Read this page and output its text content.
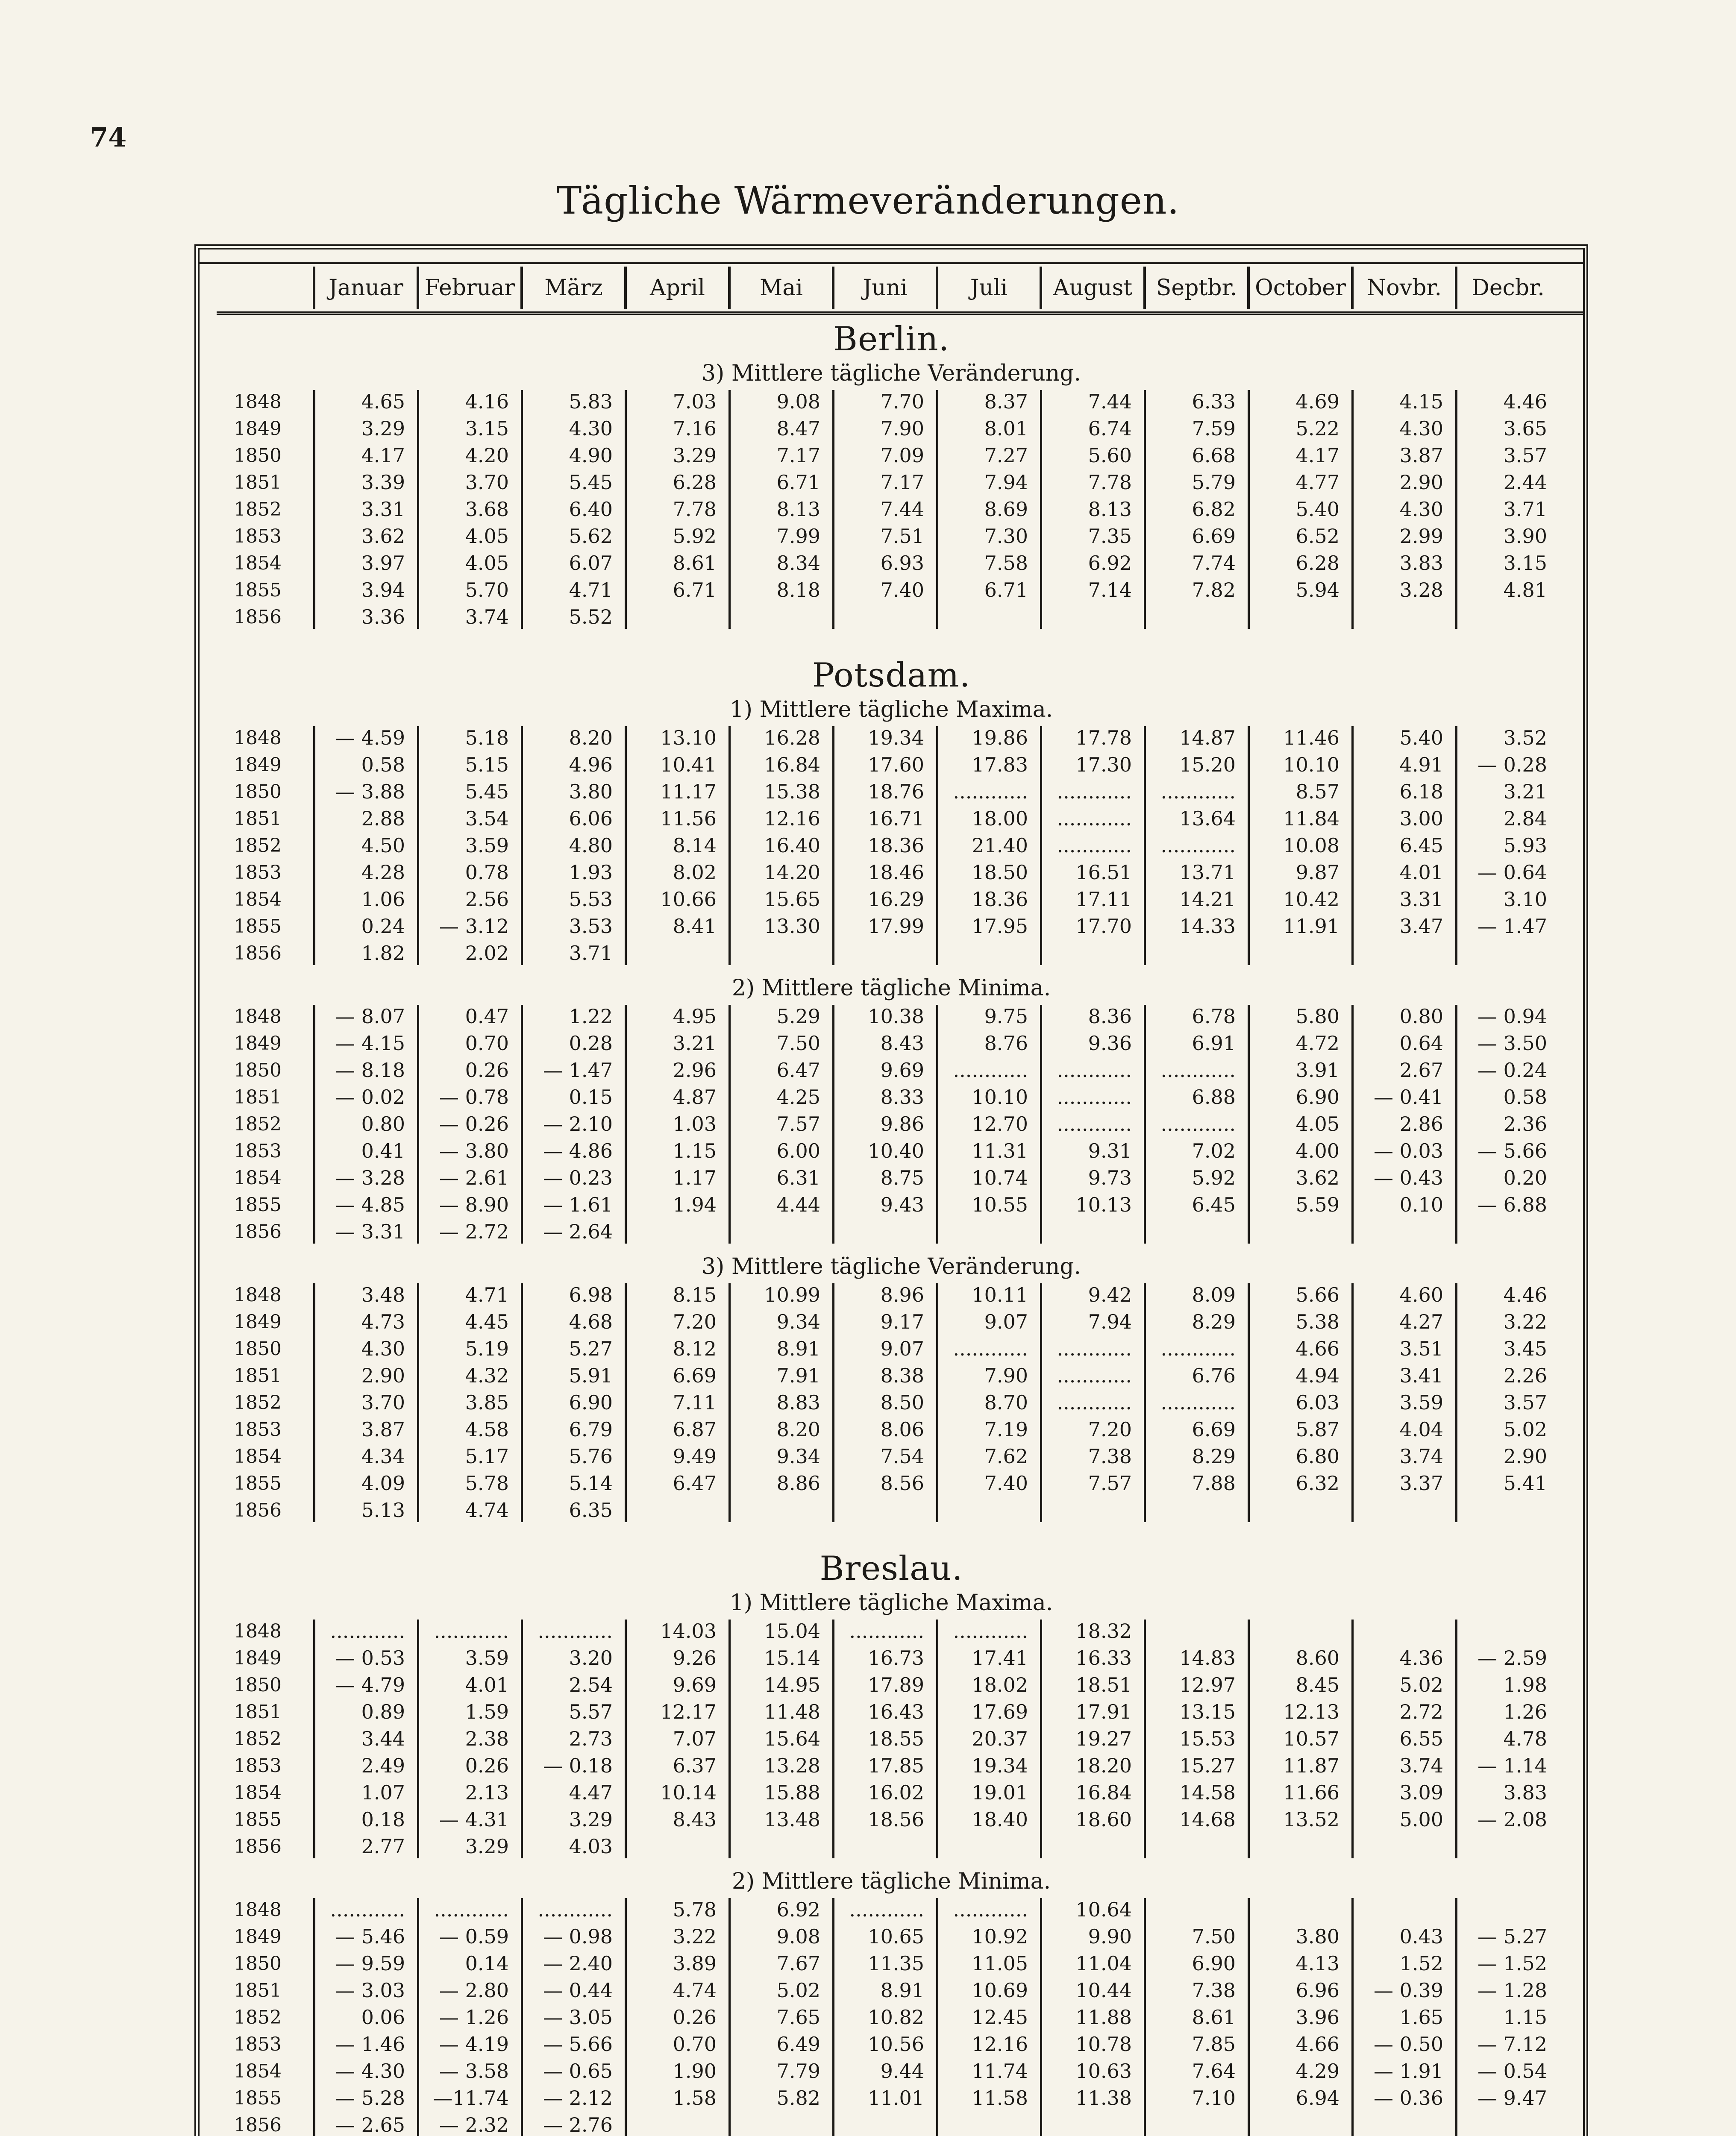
74
Tägliche Wärmeveränderungen.
Januar Februar	März	April	Mai	Juni	Juli	August	Septbr. October Novbr.	Decbr.
Berlin.
3) Mittlere tägliche Veränderung.
1848	4.65	4.16	5.83	7.03	9.08	7.70	8.37	7.44	6.33	4.69	4.15	4.46
1849	3.29	3.15	4.30	7.16	8.47	7.90	8.01	6.74	7.59	5.22	4.30	3.65
1850	4.17	4.20	4.90	3.29	7.17	7.09	7.27	5.60	6.68	4.17	3.87	3.57
1851	3.39	3.70	5.45	6.28	6.71	7.17	7.94	7.78	5.79	4.77	2.90	2.44
1852	3.31	3.68	6.40	7.78	8.13	7.44	8.69	8.13	6.82	5.40	4.30	3.71
1853	3.62	4.05	5.62	5.92	7.99	7.51	7.30	7.35	6.69	6.52	2.99	3.90
1854	3.97	4.05	6.07	8.61	8.34	6.93	7.58	6.92	7.74	6.28	3.83	3.15
1855	3.94	5.70	4.71	6.71	8.18	7.40	6.71	7.14	7.82	5.94	3.28	4.81
1856	3.36	3.74	5.52
Potsdam.
1) Mittlere tägliche Maxima.
1848	— 4.59	5.18	8.20	13.10	16.28	19.34	19.86	17.78	14.87	11.46	5.40	3.52
1849	0.58	5.15	4.96	10.41	16.84	17.60	17.83	17.30	15.20	10.10	4.91	— 0.28
1850	— 3.88	5.45	3.80	11.17	15.38	18.76	............	............	............	8.57	6.18	3.21
1851	2.88	3.54	6.06	11.56	12.16	16.71	18.00	............	13.64	11.84	3.00	2.84
1852	4.50	3.59	4.80	8.14	16.40	18.36	21.40	............	............	10.08	6.45	5.93
1853	4.28	0.78	1.93	8.02	14.20	18.46	18.50	16.51	13.71	9.87	4.01	— 0.64
1854	1.06	2.56	5.53	10.66	15.65	16.29	18.36	17.11	14.21	10.42	3.31	3.10
1855	0.24	— 3.12	3.53	8.41	13.30	17.99	17.95	17.70	14.33	11.91	3.47	— 1.47
1856	1.82	2.02	3.71
2) Mittlere tägliche Minima.
1848	— 8.07	0.47	1.22	4.95	5.29	10.38	9.75	8.36	6.78	5.80	0.80	— 0.94
1849	— 4.15	0.70	0.28	3.21	7.50	8.43	8.76	9.36	6.91	4.72	0.64	— 3.50
1850	— 8.18	0.26	— 1.47	2.96	6.47	9.69	............	............	............	3.91	2.67	— 0.24
1851	— 0.02	— 0.78	0.15	4.87	4.25	8.33	10.10	............	6.88	6.90	— 0.41	0.58
1852	0.80	— 0.26	— 2.10	1.03	7.57	9.86	12.70	............	............	4.05	2.86	2.36
1853	0.41	— 3.80	— 4.86	1.15	6.00	10.40	11.31	9.31	7.02	4.00	— 0.03	— 5.66
1854	— 3.28	— 2.61	— 0.23	1.17	6.31	8.75	10.74	9.73	5.92	3.62	— 0.43	0.20
1855	— 4.85	— 8.90	— 1.61	1.94	4.44	9.43	10.55	10.13	6.45	5.59	0.10	— 6.88
1856	— 3.31	— 2.72	— 2.64
3) Mittlere tägliche Veränderung.
1848	3.48	4.71	6.98	8.15	10.99	8.96	10.11	9.42	8.09	5.66	4.60	4.46
1849	4.73	4.45	4.68	7.20	9.34	9.17	9.07	7.94	8.29	5.38	4.27	3.22
1850	4.30	5.19	5.27	8.12	8.91	9.07	............	............	............	4.66	3.51	3.45
1851	2.90	4.32	5.91	6.69	7.91	8.38	7.90	............	6.76	4.94	3.41	2.26
1852	3.70	3.85	6.90	7.11	8.83	8.50	8.70	............	............	6.03	3.59	3.57
1853	3.87	4.58	6.79	6.87	8.20	8.06	7.19	7.20	6.69	5.87	4.04	5.02
1854	4.34	5.17	5.76	9.49	9.34	7.54	7.62	7.38	8.29	6.80	3.74	2.90
1855	4.09	5.78	5.14	6.47	8.86	8.56	7.40	7.57	7.88	6.32	3.37	5.41
1856	5.13	4.74	6.35
Breslau.
1) Mittlere tägliche Maxima.
1848	............	............	............	14.03	15.04	............	............	18.32
1849	— 0.53	3.59	3.20	9.26	15.14	16.73	17.41	16.33	14.83	8.60	4.36	— 2.59
1850	— 4.79	4.01	2.54	9.69	14.95	17.89	18.02	18.51	12.97	8.45	5.02	1.98
1851	0.89	1.59	5.57	12.17	11.48	16.43	17.69	17.91	13.15	12.13	2.72	1.26
1852	3.44	2.38	2.73	7.07	15.64	18.55	20.37	19.27	15.53	10.57	6.55	4.78
1853	2.49	0.26	— 0.18	6.37	13.28	17.85	19.34	18.20	15.27	11.87	3.74	— 1.14
1854	1.07	2.13	4.47	10.14	15.88	16.02	19.01	16.84	14.58	11.66	3.09	3.83
1855	0.18	— 4.31	3.29	8.43	13.48	18.56	18.40	18.60	14.68	13.52	5.00	— 2.08
1856	2.77	3.29	4.03
2) Mittlere tägliche Minima.
1848	............	............	............	5.78	6.92	............	............	10.64
1849	— 5.46	— 0.59	— 0.98	3.22	9.08	10.65	10.92	9.90	7.50	3.80	0.43	— 5.27
1850	— 9.59	0.14	— 2.40	3.89	7.67	11.35	11.05	11.04	6.90	4.13	1.52	— 1.52
1851	— 3.03	— 2.80	— 0.44	4.74	5.02	8.91	10.69	10.44	7.38	6.96	— 0.39	— 1.28
1852	0.06	— 1.26	— 3.05	0.26	7.65	10.82	12.45	11.88	8.61	3.96	1.65	1.15
1853	— 1.46	— 4.19	— 5.66	0.70	6.49	10.56	12.16	10.78	7.85	4.66	— 0.50	— 7.12
1854	— 4.30	— 3.58	— 0.65	1.90	7.79	9.44	11.74	10.63	7.64	4.29	— 1.91	— 0.54
1855	— 5.28	—11.74	— 2.12	1.58	5.82	11.01	11.58	11.38	7.10	6.94	— 0.36	— 9.47
1856	— 2.65	— 2.32	— 2.76
